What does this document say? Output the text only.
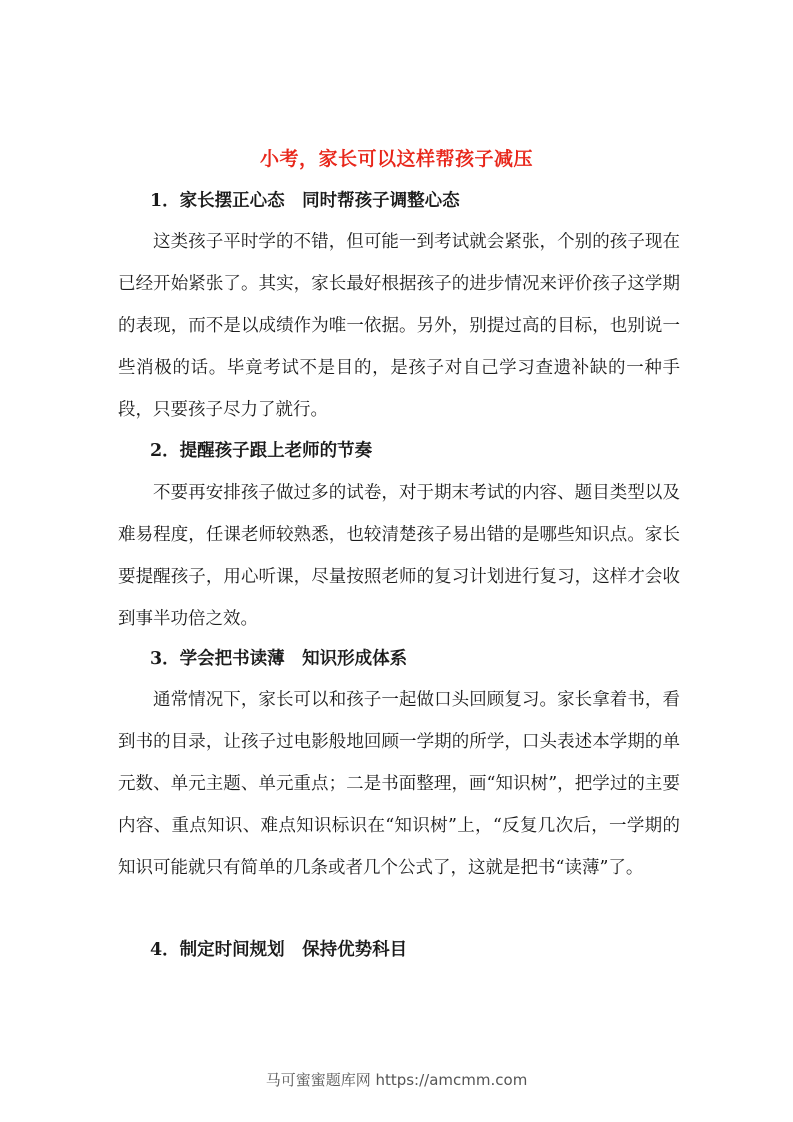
小考，家长可以这样帮孩子减压
1．家长摆正心态　同时帮孩子调整心态
这类孩子平时学的不错，但可能一到考试就会紧张，个别的孩子现在已经开始紧张了。其实，家长最好根据孩子的进步情况来评价孩子这学期的表现，而不是以成绩作为唯一依据。另外，别提过高的目标，也别说一些消极的话。毕竟考试不是目的，是孩子对自己学习查遗补缺的一种手段，只要孩子尽力了就行。
2．提醒孩子跟上老师的节奏
不要再安排孩子做过多的试卷，对于期末考试的内容、题目类型以及难易程度，任课老师较熟悉，也较清楚孩子易出错的是哪些知识点。家长要提醒孩子，用心听课，尽量按照老师的复习计划进行复习，这样才会收到事半功倍之效。
3．学会把书读薄　知识形成体系
通常情况下，家长可以和孩子一起做口头回顾复习。家长拿着书，看到书的目录，让孩子过电影般地回顾一学期的所学，口头表述本学期的单元数、单元主题、单元重点；二是书面整理，画“知识树”，把学过的主要内容、重点知识、难点知识标识在“知识树”上，“反复几次后，一学期的知识可能就只有简单的几条或者几个公式了，这就是把书“读薄”了。
4．制定时间规划　保持优势科目
马可蜜蜜题库网 https://amcmm.com
